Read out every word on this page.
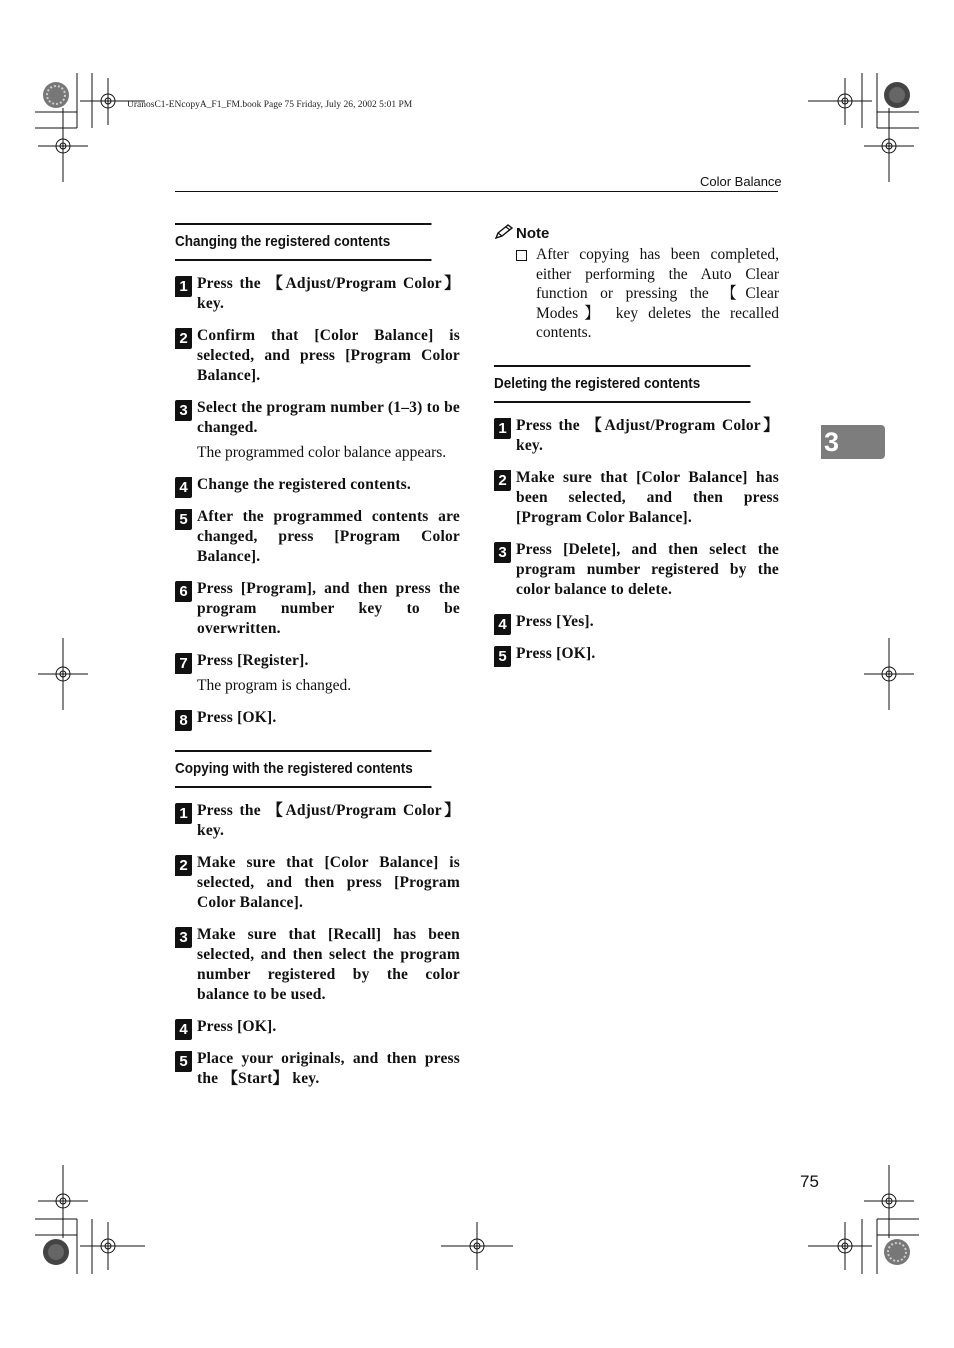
UranosC1-ENcopyA_F1_FM.book Page 75 Friday, July 26, 2002 5:01 PM
Color Balance
3
75
Changing the registered contents
1 Press the 【Adjust/Program Color】 key.
2 Confirm that [Color Balance] is selected, and press [Program Color Balance].
3 Select the program number (1–3) to be changed.
The programmed color balance appears.
4 Change the registered contents.
5 After the programmed contents are changed, press [Program Color Balance].
6 Press [Program], and then press the program number key to be overwritten.
7 Press [Register].
The program is changed.
8 Press [OK].
Copying with the registered contents
1 Press the 【Adjust/Program Color】 key.
2 Make sure that [Color Balance] is selected, and then press [Program Color Balance].
3 Make sure that [Recall] has been selected, and then select the program number registered by the color balance to be used.
4 Press [OK].
5 Place your originals, and then press the 【Start】 key.
Note
After copying has been completed, either performing the Auto Clear function or pressing the 【Clear Modes】 key deletes the recalled contents.
Deleting the registered contents
1 Press the 【Adjust/Program Color】 key.
2 Make sure that [Color Balance] has been selected, and then press [Program Color Balance].
3 Press [Delete], and then select the program number registered by the color balance to delete.
4 Press [Yes].
5 Press [OK].
